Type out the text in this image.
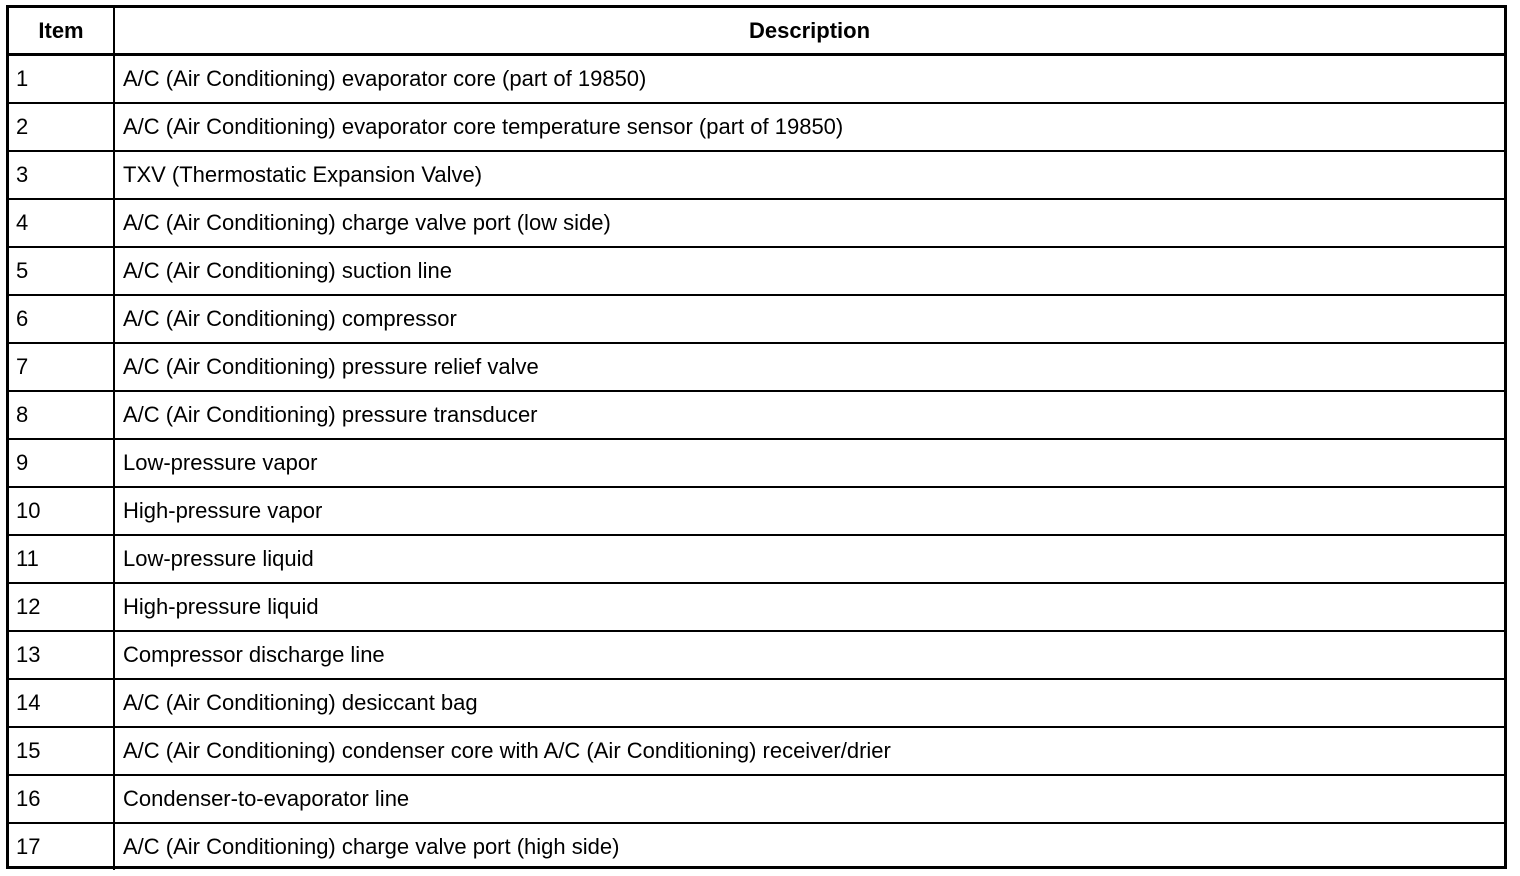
Item	Description
1	A/C (Air Conditioning) evaporator core (part of 19850)
2	A/C (Air Conditioning) evaporator core temperature sensor (part of 19850)
3	TXV (Thermostatic Expansion Valve)
4	A/C (Air Conditioning) charge valve port (low side)
5	A/C (Air Conditioning) suction line
6	A/C (Air Conditioning) compressor
7	A/C (Air Conditioning) pressure relief valve
8	A/C (Air Conditioning) pressure transducer
9	Low-pressure vapor
10	High-pressure vapor
11	Low-pressure liquid
12	High-pressure liquid
13	Compressor discharge line
14	A/C (Air Conditioning) desiccant bag
15	A/C (Air Conditioning) condenser core with A/C (Air Conditioning) receiver/drier
16	Condenser-to-evaporator line
17	A/C (Air Conditioning) charge valve port (high side)
